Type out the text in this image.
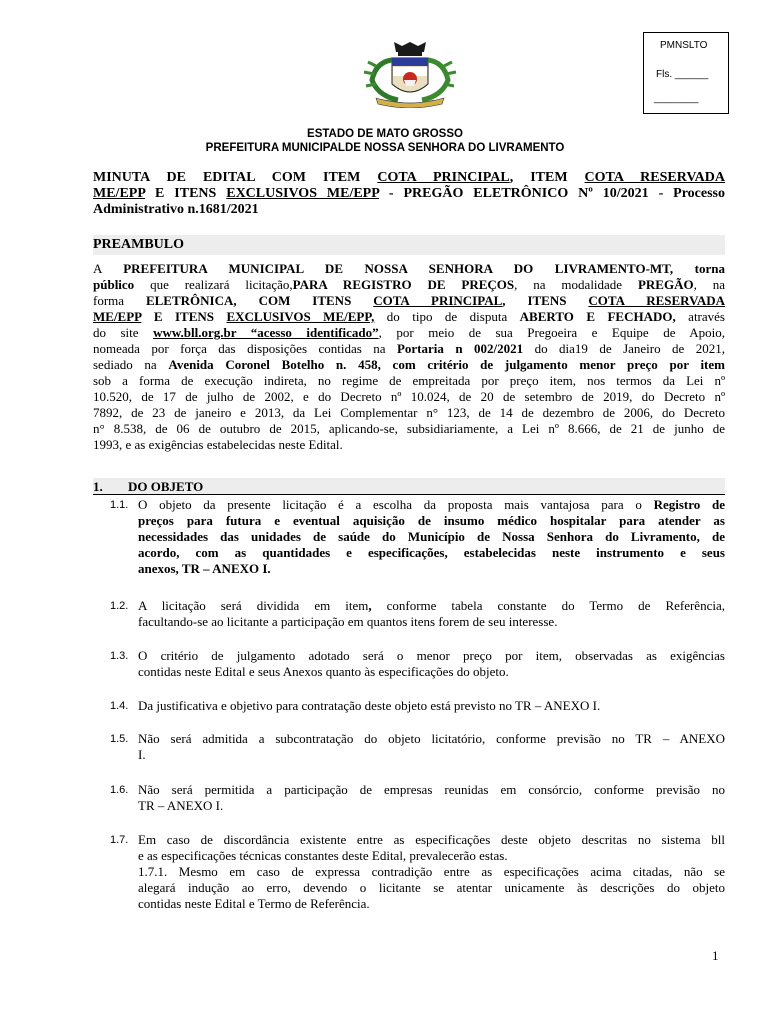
PMNSLTO
Fls. ______
________
ESTADO DE MATO GROSSO
PREFEITURA MUNICIPALDE NOSSA SENHORA DO LIVRAMENTO
MINUTA DE EDITAL COM ITEM COTA PRINCIPAL, ITEM COTA RESERVADA
ME/EPP E ITENS EXCLUSIVOS ME/EPP - PREGÃO ELETRÔNICO Nº 10/2021 - Processo
Administrativo n.1681/2021
PREAMBULO
A PREFEITURA MUNICIPAL DE NOSSA SENHORA DO LIVRAMENTO-MT, torna
público que realizará licitação,PARA REGISTRO DE PREÇOS, na modalidade PREGÃO, na
forma ELETRÔNICA, COM ITENS COTA PRINCIPAL, ITENS COTA RESERVADA
ME/EPP E ITENS EXCLUSIVOS ME/EPP, do tipo de disputa ABERTO E FECHADO, através
do site www.bll.org.br “acesso identificado”, por meio de sua Pregoeira e Equipe de Apoio,
nomeada por força das disposições contidas na Portaria n 002/2021 do dia19 de Janeiro de 2021,
sediado na Avenida Coronel Botelho n. 458, com critério de julgamento menor preço por item
sob a forma de execução indireta, no regime de empreitada por preço item, nos termos da Lei nº
10.520, de 17 de julho de 2002, e do Decreto nº 10.024, de 20 de setembro de 2019, do Decreto nº
7892, de 23 de janeiro e 2013, da Lei Complementar n° 123, de 14 de dezembro de 2006, do Decreto
n° 8.538, de 06 de outubro de 2015, aplicando-se, subsidiariamente, a Lei nº 8.666, de 21 de junho de
1993, e as exigências estabelecidas neste Edital.
1.	DO OBJETO
1.1. O objeto da presente licitação é a escolha da proposta mais vantajosa para o Registro de
preços para futura e eventual aquisição de insumo médico hospitalar para atender as
necessidades das unidades de saúde do Município de Nossa Senhora do Livramento, de
acordo, com as quantidades e especificações, estabelecidas neste instrumento e seus
anexos, TR – ANEXO I.
1.2. A licitação será dividida em item, conforme tabela constante do Termo de Referência,
facultando-se ao licitante a participação em quantos itens forem de seu interesse.
1.3. O critério de julgamento adotado será o menor preço por item, observadas as exigências
contidas neste Edital e seus Anexos quanto às especificações do objeto.
1.4. Da justificativa e objetivo para contratação deste objeto está previsto no TR – ANEXO I.
1.5. Não será admitida a subcontratação do objeto licitatório, conforme previsão no TR – ANEXO
I.
1.6. Não será permitida a participação de empresas reunidas em consórcio, conforme previsão no
TR – ANEXO I.
1.7. Em caso de discordância existente entre as especificações deste objeto descritas no sistema bll
e as especificações técnicas constantes deste Edital, prevalecerão estas.
1.7.1. Mesmo em caso de expressa contradição entre as especificações acima citadas, não se
alegará indução ao erro, devendo o licitante se atentar unicamente às descrições do objeto
contidas neste Edital e Termo de Referência.
1
